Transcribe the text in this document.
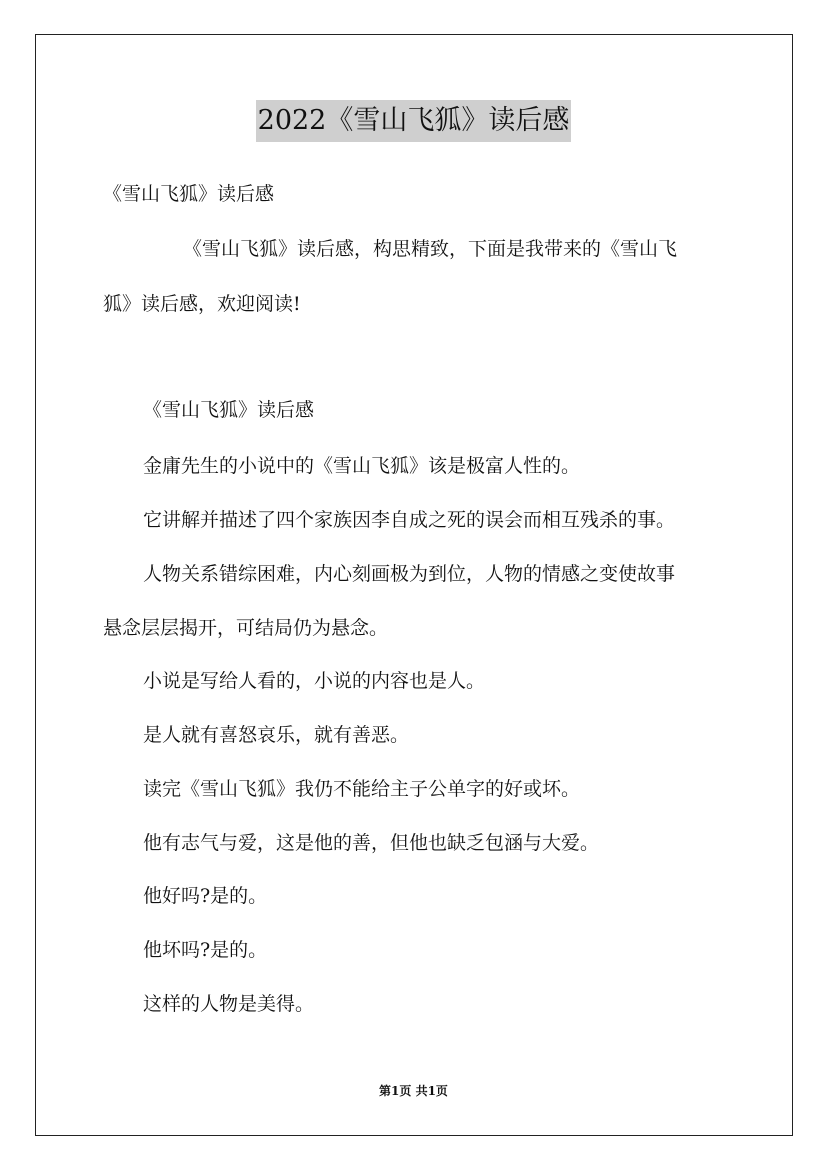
2022《雪山飞狐》读后感
《雪山飞狐》读后感
《雪山飞狐》读后感，构思精致，下面是我带来的《雪山飞
狐》读后感，欢迎阅读!
《雪山飞狐》读后感
金庸先生的小说中的《雪山飞狐》该是极富人性的。
它讲解并描述了四个家族因李自成之死的误会而相互残杀的事。
人物关系错综困难，内心刻画极为到位，人物的情感之变使故事
悬念层层揭开，可结局仍为悬念。
小说是写给人看的，小说的内容也是人。
是人就有喜怒哀乐，就有善恶。
读完《雪山飞狐》我仍不能给主子公单字的好或坏。
他有志气与爱，这是他的善，但他也缺乏包涵与大爱。
他好吗?是的。
他坏吗?是的。
这样的人物是美得。
第1页 共1页
